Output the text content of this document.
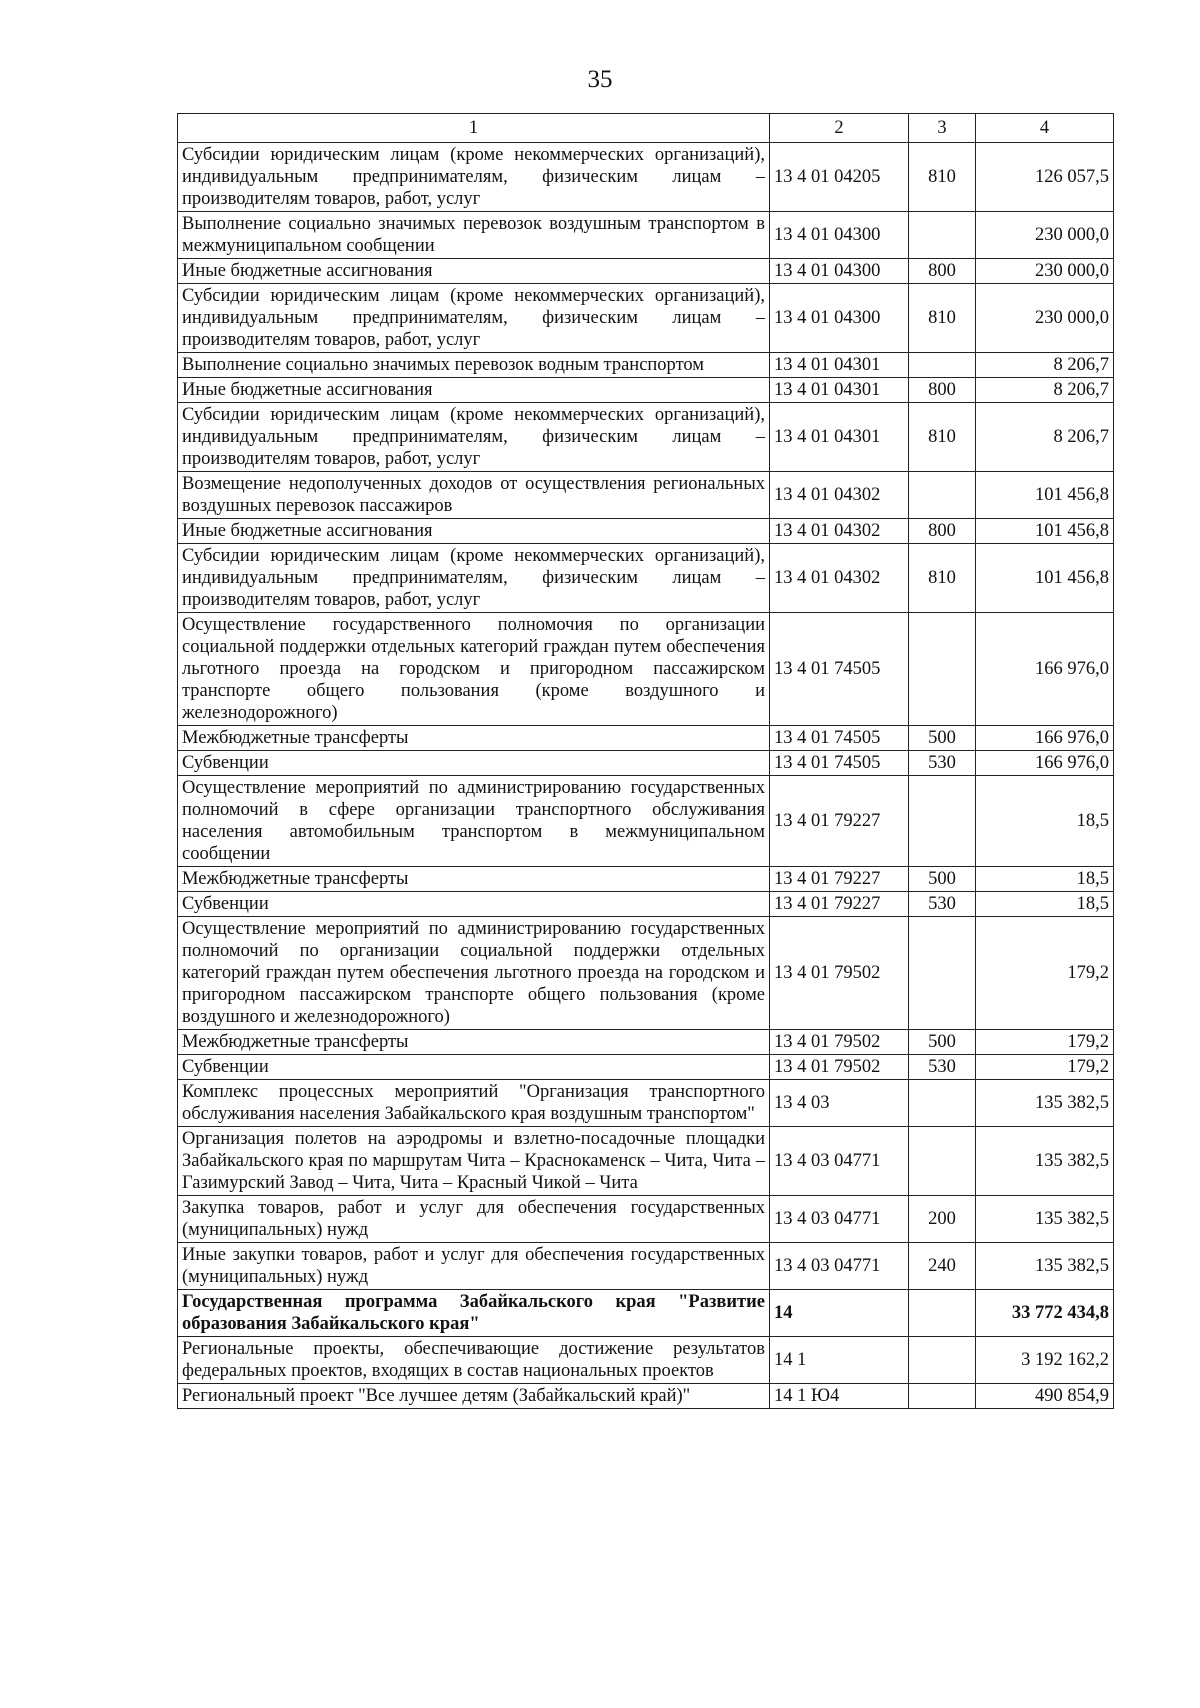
35
1	2	3	4
Субсидии юридическим лицам (кроме некоммерческих организаций), индивидуальным предпринимателям, физическим лицам – производителям товаров, работ, услуг	13 4 01 04205	810	126 057,5
Выполнение социально значимых перевозок воздушным транспортом в межмуниципальном сообщении	13 4 01 04300		230 000,0
Иные бюджетные ассигнования	13 4 01 04300	800	230 000,0
Субсидии юридическим лицам (кроме некоммерческих организаций), индивидуальным предпринимателям, физическим лицам – производителям товаров, работ, услуг	13 4 01 04300	810	230 000,0
Выполнение социально значимых перевозок водным транспортом	13 4 01 04301		8 206,7
Иные бюджетные ассигнования	13 4 01 04301	800	8 206,7
Субсидии юридическим лицам (кроме некоммерческих организаций), индивидуальным предпринимателям, физическим лицам – производителям товаров, работ, услуг	13 4 01 04301	810	8 206,7
Возмещение недополученных доходов от осуществления региональных воздушных перевозок пассажиров	13 4 01 04302		101 456,8
Иные бюджетные ассигнования	13 4 01 04302	800	101 456,8
Субсидии юридическим лицам (кроме некоммерческих организаций), индивидуальным предпринимателям, физическим лицам – производителям товаров, работ, услуг	13 4 01 04302	810	101 456,8
Осуществление государственного полномочия по организации социальной поддержки отдельных категорий граждан путем обеспечения льготного проезда на городском и пригородном пассажирском транспорте общего пользования (кроме воздушного и железнодорожного)	13 4 01 74505		166 976,0
Межбюджетные трансферты	13 4 01 74505	500	166 976,0
Субвенции	13 4 01 74505	530	166 976,0
Осуществление мероприятий по администрированию государственных полномочий в сфере организации транспортного обслуживания населения автомобильным транспортом в межмуниципальном сообщении	13 4 01 79227		18,5
Межбюджетные трансферты	13 4 01 79227	500	18,5
Субвенции	13 4 01 79227	530	18,5
Осуществление мероприятий по администрированию государственных полномочий по организации социальной поддержки отдельных категорий граждан путем обеспечения льготного проезда на городском и пригородном пассажирском транспорте общего пользования (кроме воздушного и железнодорожного)	13 4 01 79502		179,2
Межбюджетные трансферты	13 4 01 79502	500	179,2
Субвенции	13 4 01 79502	530	179,2
Комплекс процессных мероприятий "Организация транспортного обслуживания населения Забайкальского края воздушным транспортом"	13 4 03		135 382,5
Организация полетов на аэродромы и взлетно-посадочные площадки Забайкальского края по маршрутам Чита – Краснокаменск – Чита, Чита – Газимурский Завод – Чита, Чита – Красный Чикой – Чита	13 4 03 04771		135 382,5
Закупка товаров, работ и услуг для обеспечения государственных (муниципальных) нужд	13 4 03 04771	200	135 382,5
Иные закупки товаров, работ и услуг для обеспечения государственных (муниципальных) нужд	13 4 03 04771	240	135 382,5
Государственная программа Забайкальского края "Развитие образования Забайкальского края"	14		33 772 434,8
Региональные проекты, обеспечивающие достижение результатов федеральных проектов, входящих в состав национальных проектов	14 1		3 192 162,2
Региональный проект "Все лучшее детям (Забайкальский край)"	14 1 Ю4		490 854,9
